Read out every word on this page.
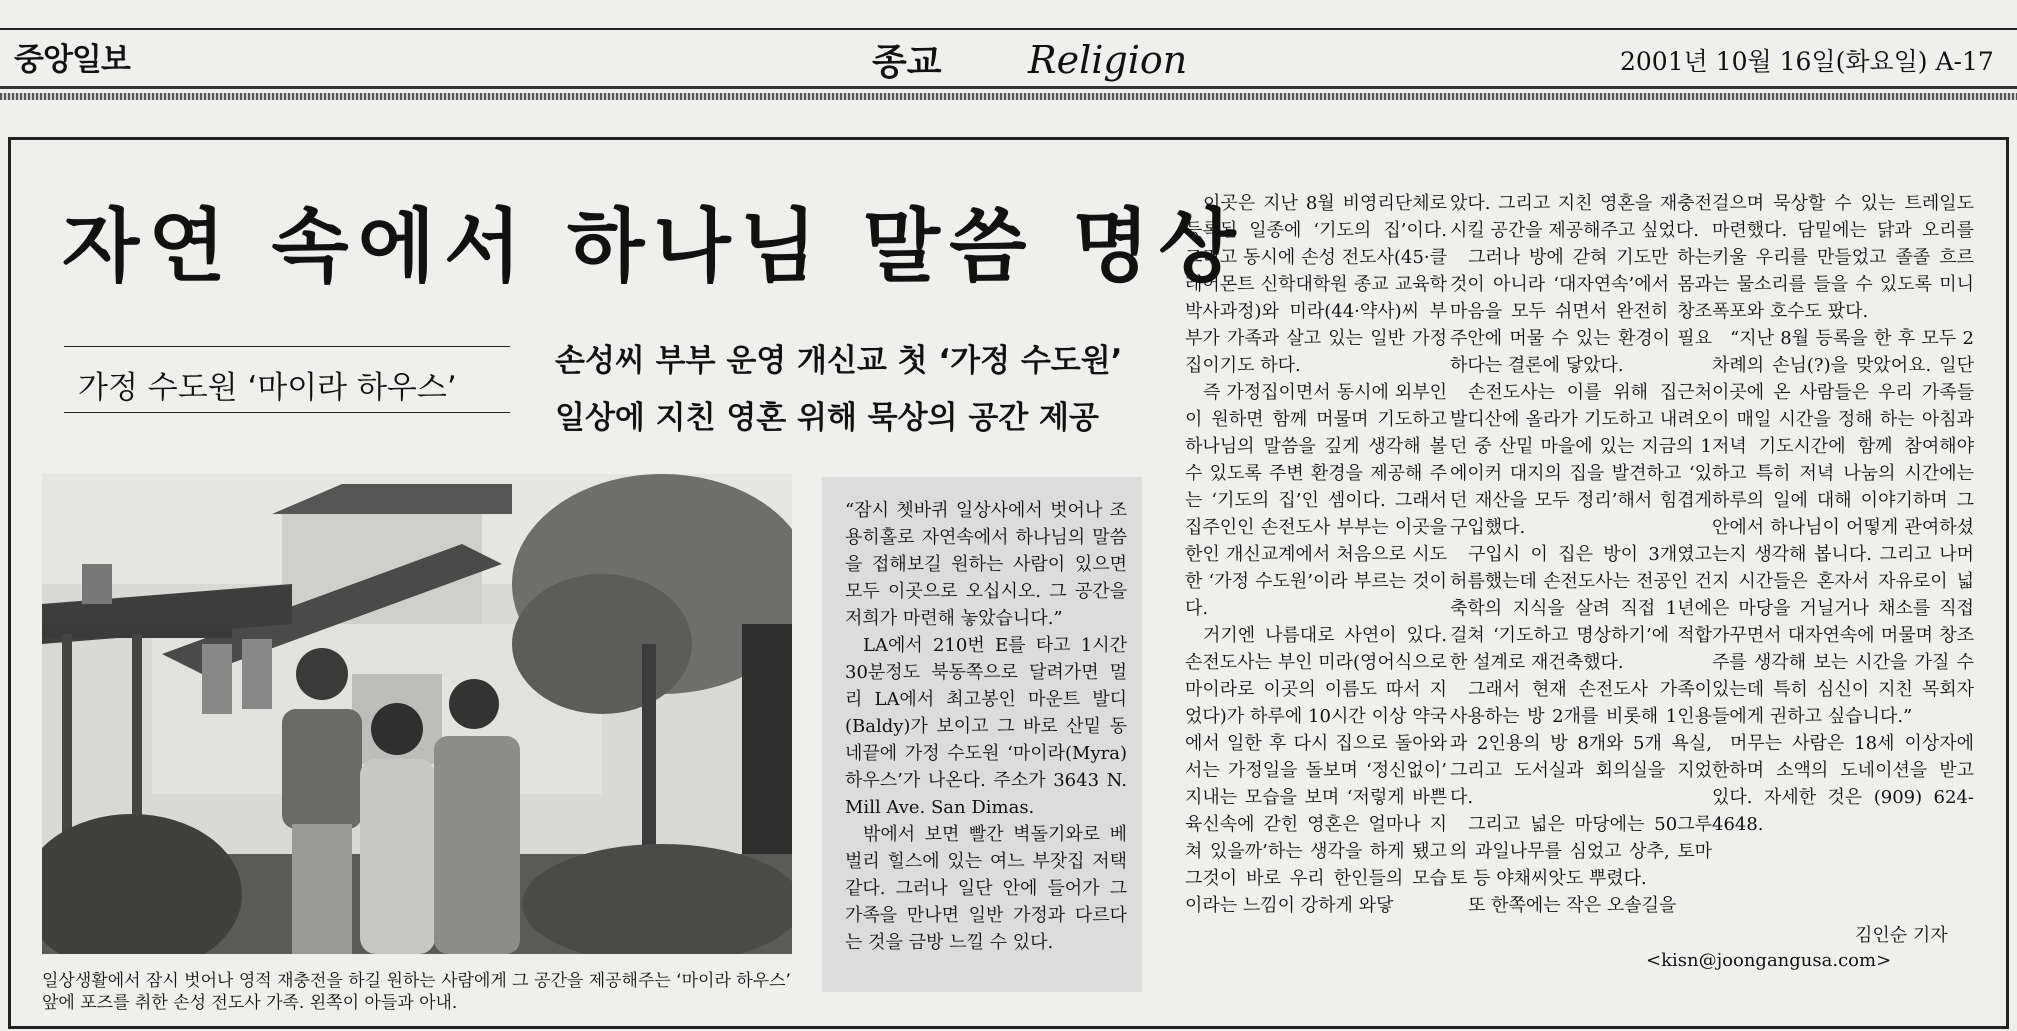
중앙일보	종교 Religion	2001년 10월 16일(화요일) A-17
자연 속에서 하나님 말씀 명상
가정 수도원 ‘마이라 하우스’
손성씨 부부 운영 개신교 첫 ‘가정 수도원’
일상에 지친 영혼 위해 묵상의 공간 제공
일상생활에서 잠시 벗어나 영적 재충전을 하길 원하는 사람에게 그 공간을 제공해주는 ‘마이라 하우스’ 앞에 포즈를 취한 손성 전도사 가족. 왼쪽이 아들과 아내.
“잠시 쳇바퀴 일상사에서 벗어나 조용히홀로 자연속에서 하나님의 말씀을 접해보길 원하는 사람이 있으면 모두 이곳으로 오십시오. 그 공간을 저희가 마련해 놓았습니다.”
LA에서 210번 E를 타고 1시간 30분정도 북동쪽으로 달려가면 멀리 LA에서 최고봉인 마운트 발디(Baldy)가 보이고 그 바로 산밑 동네끝에 가정 수도원 ‘마이라(Myra) 하우스’가 나온다. 주소가 3643 N. Mill Ave. San Dimas.
밖에서 보면 빨간 벽돌기와로 베벌리 힐스에 있는 여느 부잣집 저택 같다. 그러나 일단 안에 들어가 그 가족을 만나면 일반 가정과 다르다는 것을 금방 느낄 수 있다.

이곳은 지난 8월 비영리단체로 등록된 일종에 ‘기도의 집’이다. 그리고 동시에 손성 전도사(45·클레어몬트 신학대학원 종교 교육학 박사과정)와 미라(44·약사)씨 부부가 가족과 살고 있는 일반 가정집이기도 하다.

즉 가정집이면서 동시에 외부인이 원하면 함께 머물며 기도하고 하나님의 말씀을 깊게 생각해 볼 수 있도록 주변 환경을 제공해 주는 ‘기도의 집’인 셈이다. 그래서 집주인인 손전도사 부부는 이곳을 한인 개신교계에서 처음으로 시도한 ‘가정 수도원’이라 부르는 것이다.

거기엔 나름대로 사연이 있다. 손전도사는 부인 미라(영어식으로 마이라로 이곳의 이름도 따서 지었다)가 하루에 10시간 이상 약국에서 일한 후 다시 집으로 돌아와서는 가정일을 돌보며 ‘정신없이’ 지내는 모습을 보며 ‘저렇게 바쁜 육신속에 갇힌 영혼은 얼마나 지쳐 있을까’하는 생각을 하게 됐고 그것이 바로 우리 한인들의 모습이라는 느낌이 강하게 와닿

았다. 그리고 지친 영혼을 재충전시킬 공간을 제공해주고 싶었다.

그러나 방에 갇혀 기도만 하는 것이 아니라 ‘대자연속’에서 몸과 마음을 모두 쉬면서 완전히 창조주안에 머물 수 있는 환경이 필요하다는 결론에 닿았다.

손전도사는 이를 위해 집근처 발디산에 올라가 기도하고 내려오던 중 산밑 마을에 있는 지금의 1에이커 대지의 집을 발견하고 ‘있던 재산을 모두 정리’해서 힘겹게 구입했다.

구입시 이 집은 방이 3개였고 허름했는데 손전도사는 전공인 건축학의 지식을 살려 직접 1년에 걸쳐 ‘기도하고 명상하기’에 적합한 설계로 재건축했다.

그래서 현재 손전도사 가족이 사용하는 방 2개를 비롯해 1인용과 2인용의 방 8개와 5개 욕실, 그리고 도서실과 회의실을 지었다.

그리고 넓은 마당에는 50그루의 과일나무를 심었고 상추, 토마토 등 야채씨앗도 뿌렸다.

또 한쪽에는 작은 오솔길을

걸으며 묵상할 수 있는 트레일도 마련했다. 담밑에는 닭과 오리를 키울 우리를 만들었고 졸졸 흐르는 물소리를 들을 수 있도록 미니 폭포와 호수도 팠다.

“지난 8월 등록을 한 후 모두 2차례의 손님(?)을 맞았어요. 일단 이곳에 온 사람들은 우리 가족들이 매일 시간을 정해 하는 아침과 저녁 기도시간에 함께 참여해야 하고 특히 저녁 나눔의 시간에는 하루의 일에 대해 이야기하며 그안에서 하나님이 어떻게 관여하셨는지 생각해 봅니다. 그리고 나머지 시간들은 혼자서 자유로이 넓은 마당을 거닐거나 채소를 직접 가꾸면서 대자연속에 머물며 창조주를 생각해 보는 시간을 가질 수 있는데 특히 심신이 지친 목회자들에게 권하고 싶습니다.”

머무는 사람은 18세 이상자에 한하며 소액의 도네이션을 받고 있다. 자세한 것은 (909) 624-4648.

김인순 기자
<kisn@joongangusa.com>
